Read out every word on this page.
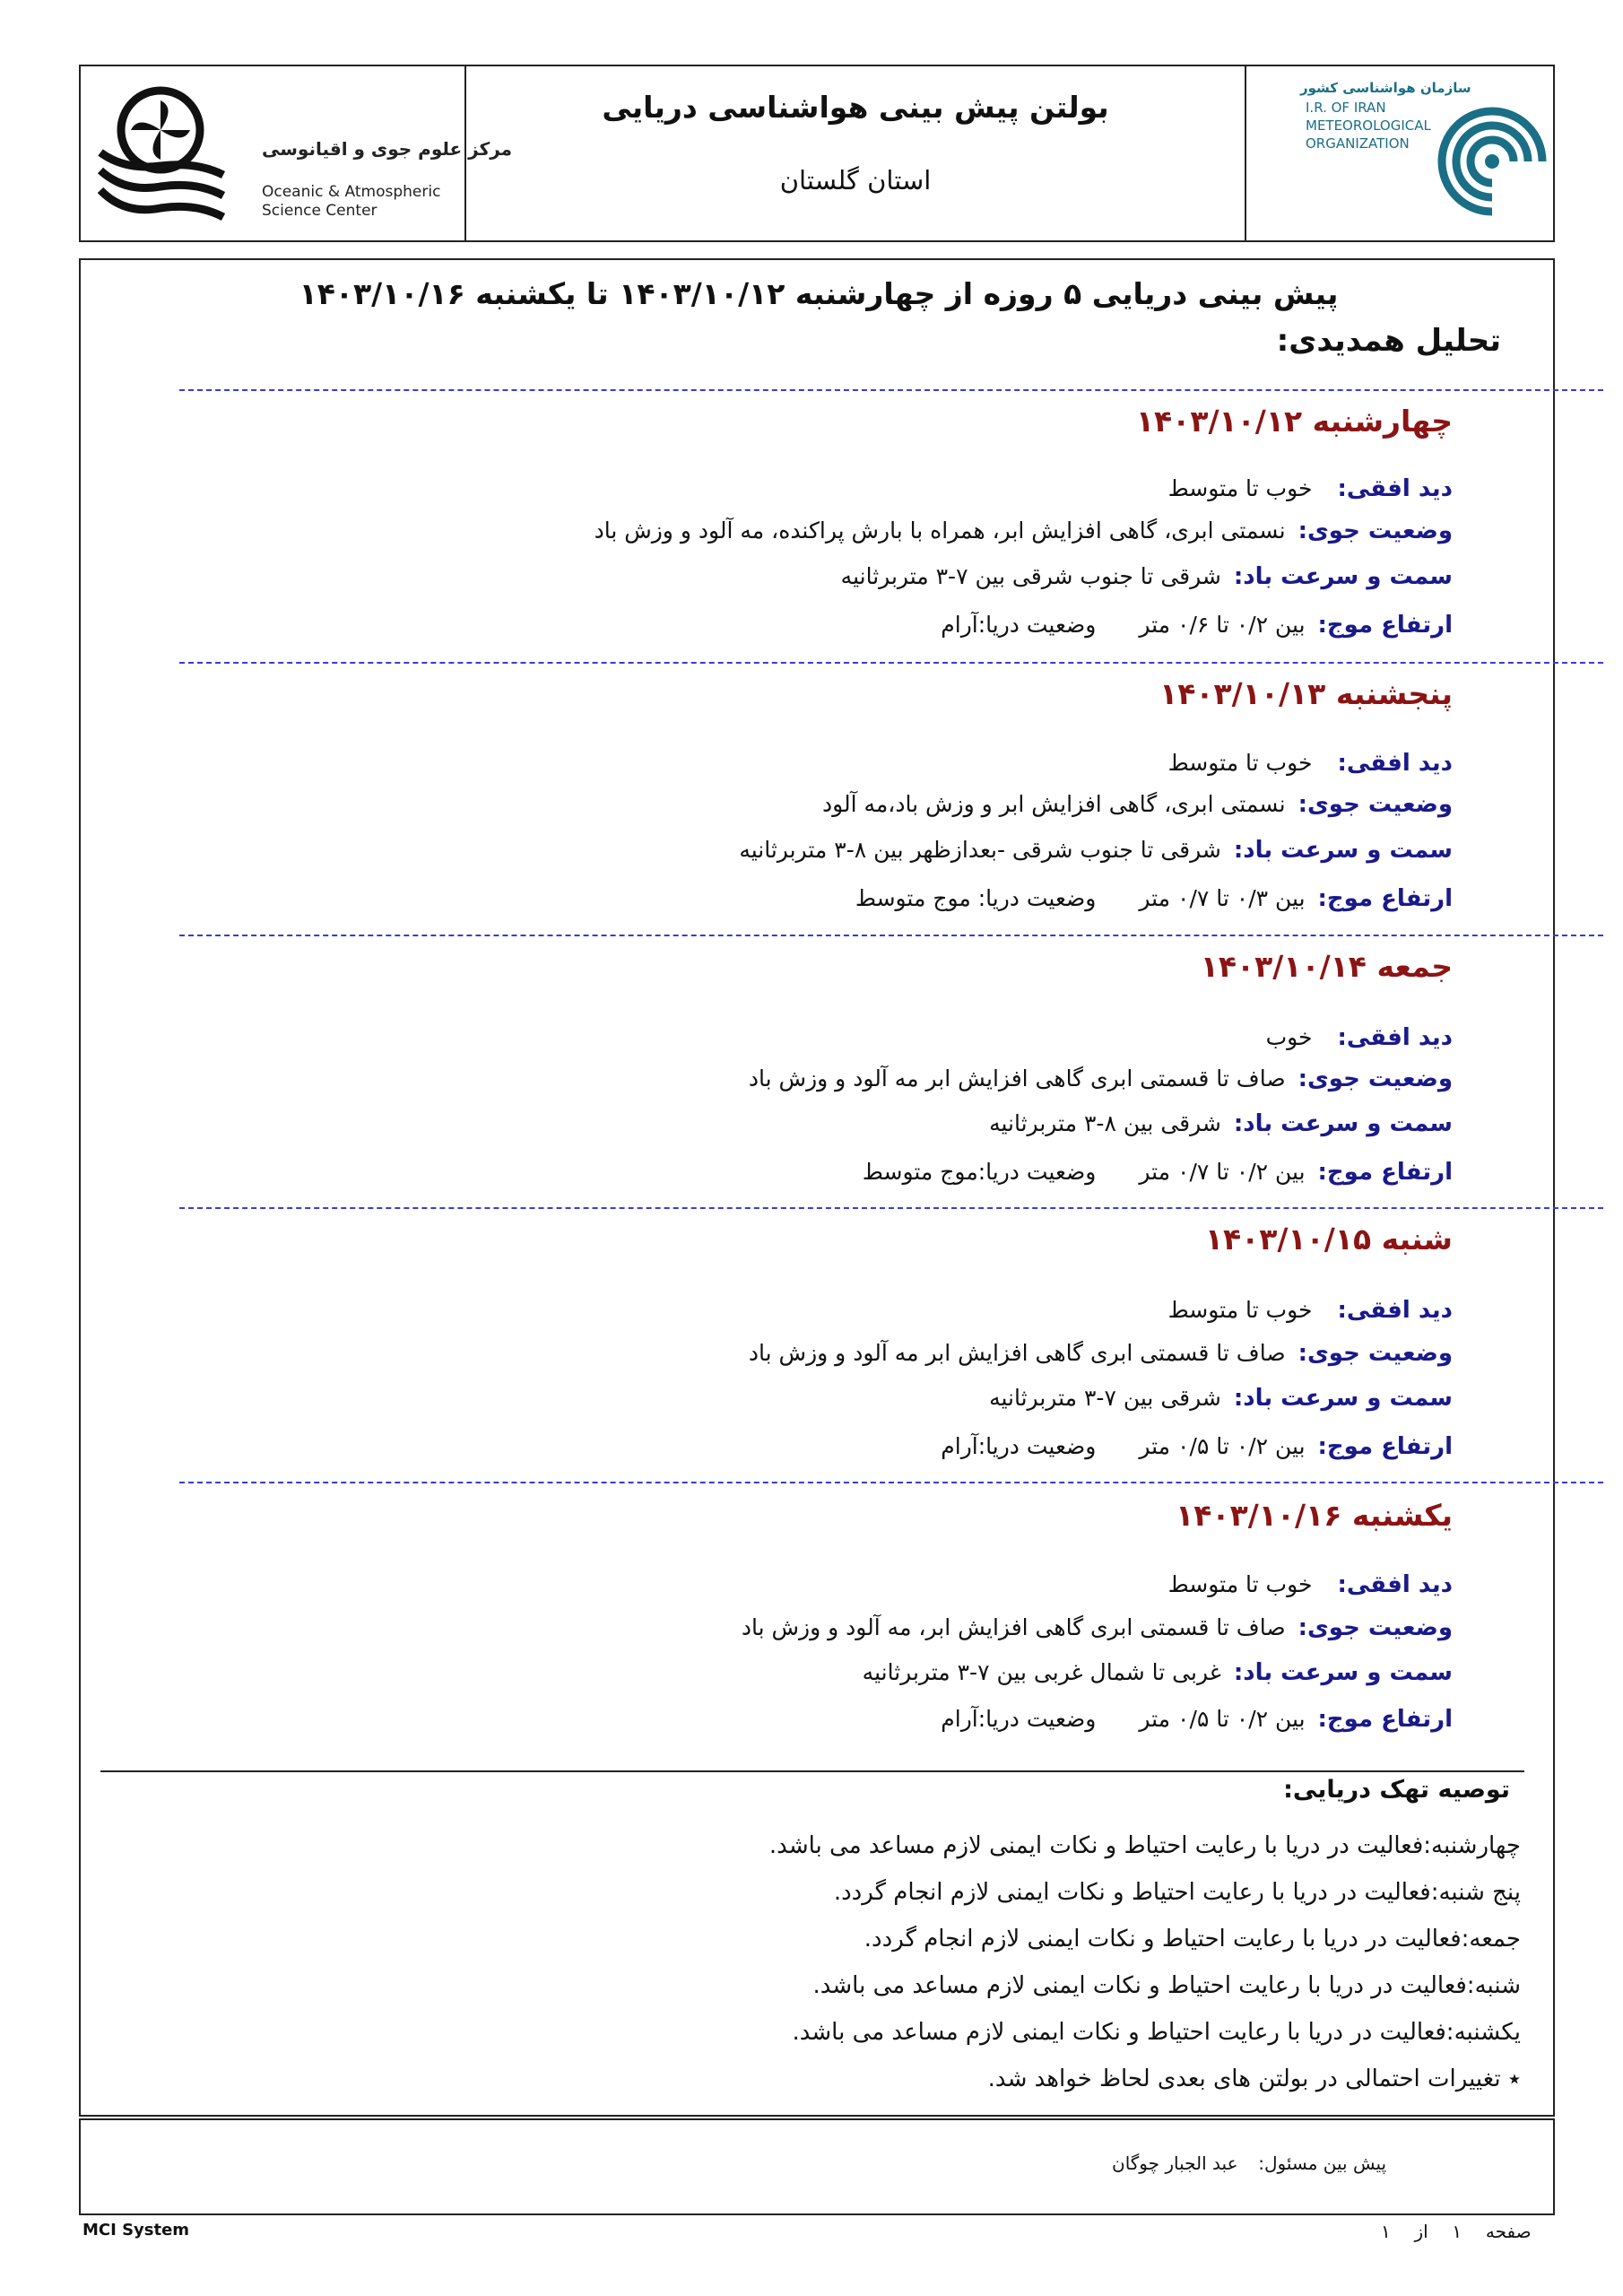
مرکز علوم جوی و اقیانوسی
Oceanic & Atmospheric
Science Center
بولتن پیش بینی هواشناسی دریایی
استان گلستان
سازمان هواشناسی کشور
I.R. OF IRAN
METEOROLOGICAL
ORGANIZATION
پیش بینی دریایی ۵ روزه از چهارشنبه ۱۴۰۳/۱۰/۱۲ تا یکشنبه ۱۴۰۳/۱۰/۱۶
تحلیل همدیدی:
چهارشنبه ۱۴۰۳/۱۰/۱۲
دید افقی:خوب تا متوسط
وضعیت جوی:نسمتی ابری، گاهی افزایش ابر، همراه با بارش پراکنده، مه آلود و وزش باد
سمت و سرعت باد:شرقی تا جنوب شرقی بین ۷-۳ متربرثانیه
ارتفاع موج:بین ۰/۲ تا ۰/۶ متروضعیت دریا:آرام
پنجشنبه ۱۴۰۳/۱۰/۱۳
دید افقی:خوب تا متوسط
وضعیت جوی:نسمتی ابری، گاهی افزایش ابر و وزش باد،مه آلود
سمت و سرعت باد:شرقی تا جنوب شرقی -بعدازظهر بین ۸-۳ متربرثانیه
ارتفاع موج:بین ۰/۳ تا ۰/۷ متروضعیت دریا: موج متوسط
جمعه ۱۴۰۳/۱۰/۱۴
دید افقی:خوب
وضعیت جوی:صاف تا قسمتی ابری گاهی افزایش ابر مه آلود و وزش باد
سمت و سرعت باد:شرقی بین ۸-۳ متربرثانیه
ارتفاع موج:بین ۰/۲ تا ۰/۷ متروضعیت دریا:موج متوسط
شنبه ۱۴۰۳/۱۰/۱۵
دید افقی:خوب تا متوسط
وضعیت جوی:صاف تا قسمتی ابری گاهی افزایش ابر مه آلود و وزش باد
سمت و سرعت باد:شرقی بین ۷-۳ متربرثانیه
ارتفاع موج:بین ۰/۲ تا ۰/۵ متروضعیت دریا:آرام
یکشنبه ۱۴۰۳/۱۰/۱۶
دید افقی:خوب تا متوسط
وضعیت جوی:صاف تا قسمتی ابری گاهی افزایش ابر، مه آلود و وزش باد
سمت و سرعت باد:غربی تا شمال غربی بین ۷-۳ متربرثانیه
ارتفاع موج:بین ۰/۲ تا ۰/۵ متروضعیت دریا:آرام
توصیه تهک دریایی:
چهارشنبه:فعالیت در دریا با رعایت احتیاط و نکات ایمنی لازم مساعد می باشد.
پنج شنبه:فعالیت در دریا با رعایت احتیاط و نکات ایمنی لازم انجام گردد.
جمعه:فعالیت در دریا با رعایت احتیاط و نکات ایمنی لازم انجام گردد.
شنبه:فعالیت در دریا با رعایت احتیاط و نکات ایمنی لازم مساعد می باشد.
یکشنبه:فعالیت در دریا با رعایت احتیاط و نکات ایمنی لازم مساعد می باشد.
٭ تغییرات احتمالی در بولتن های بعدی لحاظ خواهد شد.
پیش بین مسئول:  عبد الجبار چوگان
MCI System	صفحه  ۱  از  ۱
